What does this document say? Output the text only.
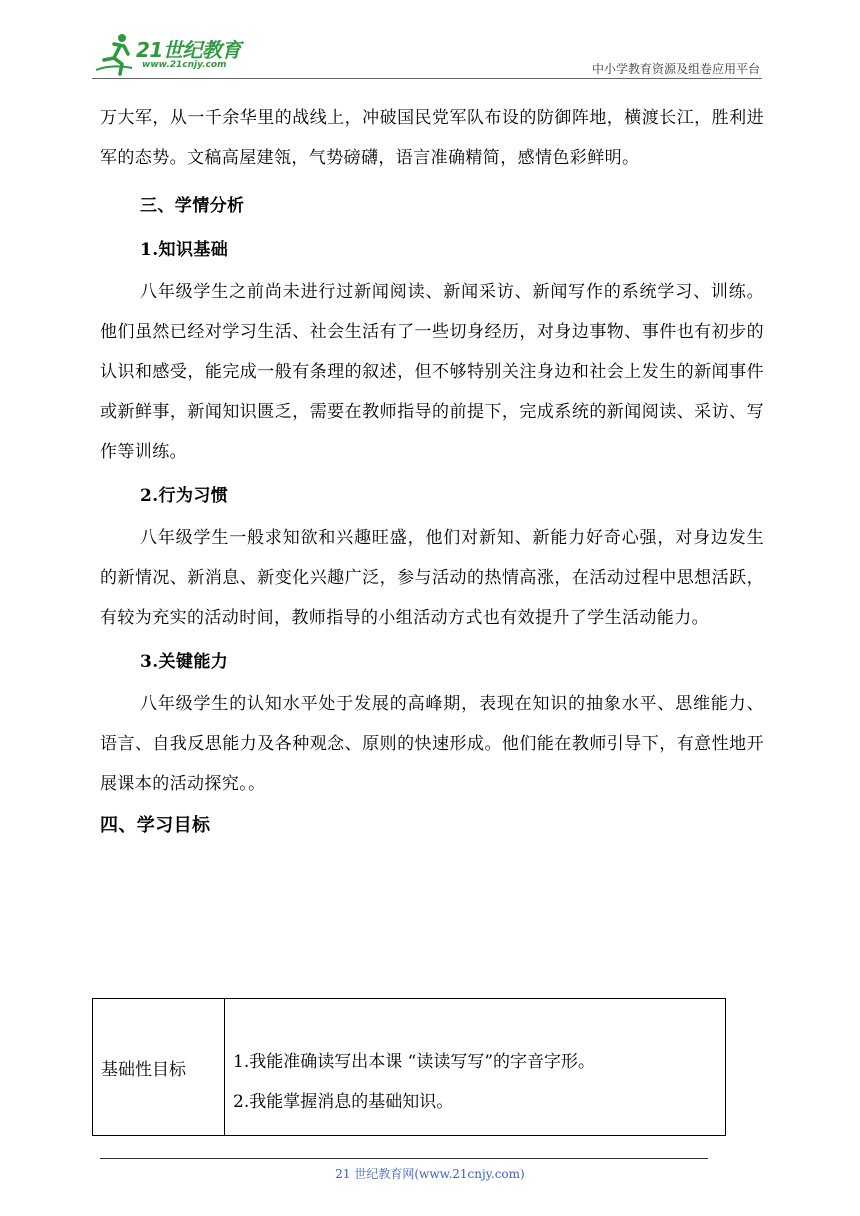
21世纪教育
www.21cnjy.com	中小学教育资源及组卷应用平台

万大军，从一千余华里的战线上，冲破国民党军队布设的防御阵地，横渡长江，胜利进军的态势。文稿高屋建瓴，气势磅礴，语言准确精简，感情色彩鲜明。

三、学情分析

1.知识基础

八年级学生之前尚未进行过新闻阅读、新闻采访、新闻写作的系统学习、训练。他们虽然已经对学习生活、社会生活有了一些切身经历，对身边事物、事件也有初步的认识和感受，能完成一般有条理的叙述，但不够特别关注身边和社会上发生的新闻事件或新鲜事，新闻知识匮乏，需要在教师指导的前提下，完成系统的新闻阅读、采访、写作等训练。

2.行为习惯

八年级学生一般求知欲和兴趣旺盛，他们对新知、新能力好奇心强，对身边发生的新情况、新消息、新变化兴趣广泛，参与活动的热情高涨，在活动过程中思想活跃，有较为充实的活动时间，教师指导的小组活动方式也有效提升了学生活动能力。

3.关键能力

八年级学生的认知水平处于发展的高峰期，表现在知识的抽象水平、思维能力、语言、自我反思能力及各种观念、原则的快速形成。他们能在教师引导下，有意性地开展课本的活动探究。。

四、学习目标

基础性目标	1.我能准确读写出本课 “读读写写”的字音字形。
2.我能掌握消息的基础知识。
21 世纪教育网(www.21cnjy.com)
